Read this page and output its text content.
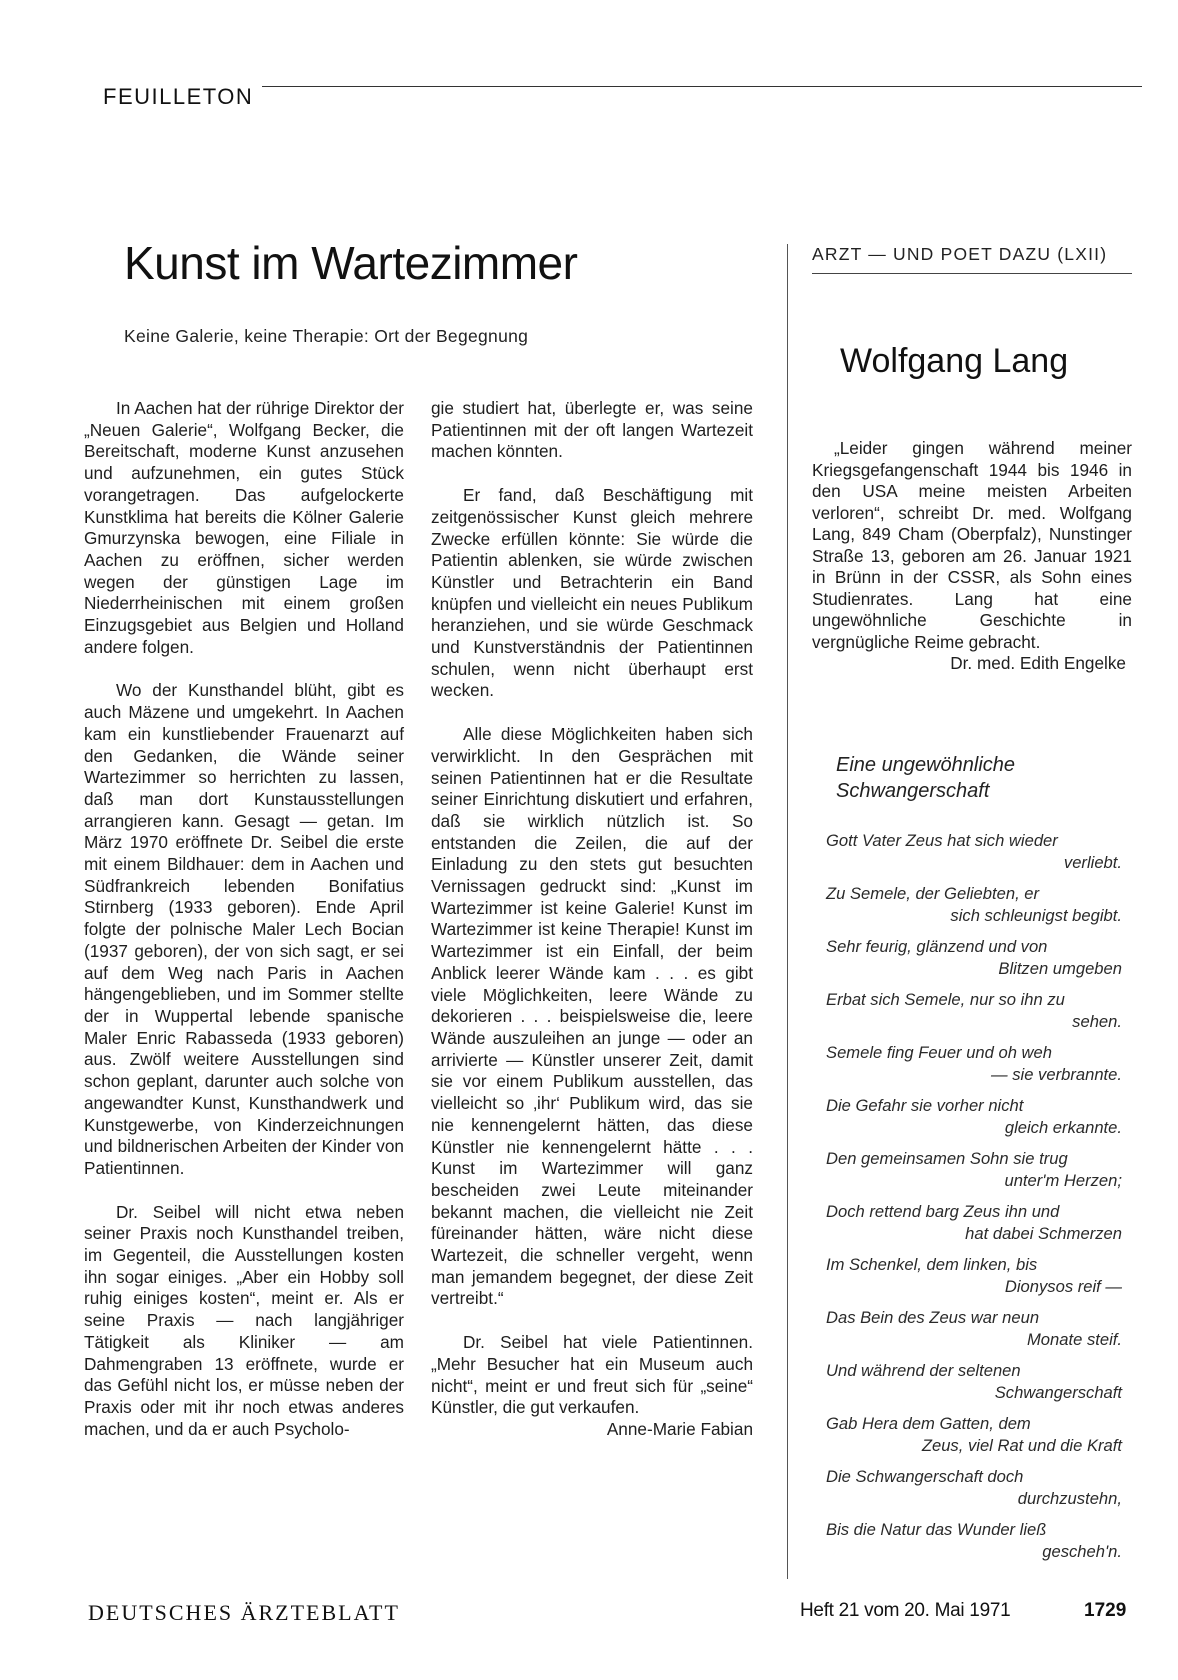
FEUILLETON
Kunst im Wartezimmer
Keine Galerie, keine Therapie: Ort der Begegnung

In Aachen hat der rührige Direktor der „Neuen Galerie“, Wolfgang Becker, die Bereitschaft, moderne Kunst anzusehen und aufzunehmen, ein gutes Stück vorangetragen. Das aufgelockerte Kunstklima hat bereits die Kölner Galerie Gmurzynska bewogen, eine Filiale in Aachen zu eröffnen, sicher werden wegen der günstigen Lage im Niederrheinischen mit einem großen Einzugsgebiet aus Belgien und Holland andere folgen.

Wo der Kunsthandel blüht, gibt es auch Mäzene und umgekehrt. In Aachen kam ein kunstliebender Frauenarzt auf den Gedanken, die Wände seiner Wartezimmer so herrichten zu lassen, daß man dort Kunstausstellungen arrangieren kann. Gesagt — getan. Im März 1970 eröffnete Dr. Seibel die erste mit einem Bildhauer: dem in Aachen und Südfrankreich lebenden Bonifatius Stirnberg (1933 geboren). Ende April folgte der polnische Maler Lech Bocian (1937 geboren), der von sich sagt, er sei auf dem Weg nach Paris in Aachen hängengeblieben, und im Sommer stellte der in Wuppertal lebende spanische Maler Enric Rabasseda (1933 geboren) aus. Zwölf weitere Ausstellungen sind schon geplant, darunter auch solche von angewandter Kunst, Kunsthandwerk und Kunstgewerbe, von Kinderzeichnungen und bildnerischen Arbeiten der Kinder von Patientinnen.

Dr. Seibel will nicht etwa neben seiner Praxis noch Kunsthandel treiben, im Gegenteil, die Ausstellungen kosten ihn sogar einiges. „Aber ein Hobby soll ruhig einiges kosten“, meint er. Als er seine Praxis — nach langjähriger Tätigkeit als Kliniker — am Dahmengraben 13 eröffnete, wurde er das Gefühl nicht los, er müsse neben der Praxis oder mit ihr noch etwas anderes machen, und da er auch Psycholo-

gie studiert hat, überlegte er, was seine Patientinnen mit der oft langen Wartezeit machen könnten.

Er fand, daß Beschäftigung mit zeitgenössischer Kunst gleich mehrere Zwecke erfüllen könnte: Sie würde die Patientin ablenken, sie würde zwischen Künstler und Betrachterin ein Band knüpfen und vielleicht ein neues Publikum heranziehen, und sie würde Geschmack und Kunstverständnis der Patientinnen schulen, wenn nicht überhaupt erst wecken.

Alle diese Möglichkeiten haben sich verwirklicht. In den Gesprächen mit seinen Patientinnen hat er die Resultate seiner Einrichtung diskutiert und erfahren, daß sie wirklich nützlich ist. So entstanden die Zeilen, die auf der Einladung zu den stets gut besuchten Vernissagen gedruckt sind: „Kunst im Wartezimmer ist keine Galerie! Kunst im Wartezimmer ist keine Therapie! Kunst im Wartezimmer ist ein Einfall, der beim Anblick leerer Wände kam . . . es gibt viele Möglichkeiten, leere Wände zu dekorieren . . . beispielsweise die, leere Wände auszuleihen an junge — oder an arrivierte — Künstler unserer Zeit, damit sie vor einem Publikum ausstellen, das vielleicht so ‚ihr‘ Publikum wird, das sie nie kennengelernt hätten, das diese Künstler nie kennengelernt hätte . . . Kunst im Wartezimmer will ganz bescheiden zwei Leute miteinander bekannt machen, die vielleicht nie Zeit füreinander hätten, wäre nicht diese Wartezeit, die schneller vergeht, wenn man jemandem begegnet, der diese Zeit vertreibt.“

Dr. Seibel hat viele Patientinnen. „Mehr Besucher hat ein Museum auch nicht“, meint er und freut sich für „seine“ Künstler, die gut verkaufen.
Anne-Marie Fabian

ARZT — UND POET DAZU (LXII)
Wolfgang Lang

„Leider gingen während meiner Kriegsgefangenschaft 1944 bis 1946 in den USA meine meisten Arbeiten verloren“, schreibt Dr. med. Wolfgang Lang, 849 Cham (Oberpfalz), Nunstinger Straße 13, geboren am 26. Januar 1921 in Brünn in der CSSR, als Sohn eines Studienrates. Lang hat eine ungewöhnliche Geschichte in vergnügliche Reime gebracht.

Dr. med. Edith Engelke

Eine ungewöhnliche Schwangerschaft
Gott Vater Zeus hat sich wieder
verliebt.
Zu Semele, der Geliebten, er
sich schleunigst begibt.
Sehr feurig, glänzend und von
Blitzen umgeben
Erbat sich Semele, nur so ihn zu
sehen.
Semele fing Feuer und oh weh
— sie verbrannte.
Die Gefahr sie vorher nicht
gleich erkannte.
Den gemeinsamen Sohn sie trug
unter'm Herzen;
Doch rettend barg Zeus ihn und
hat dabei Schmerzen
Im Schenkel, dem linken, bis
Dionysos reif —
Das Bein des Zeus war neun
Monate steif.
Und während der seltenen
Schwangerschaft
Gab Hera dem Gatten, dem
Zeus, viel Rat und die Kraft
Die Schwangerschaft doch
durchzustehn,
Bis die Natur das Wunder ließ
gescheh'n.
DEUTSCHES ÄRZTEBLATT	Heft 21 vom 20. Mai 1971	1729
